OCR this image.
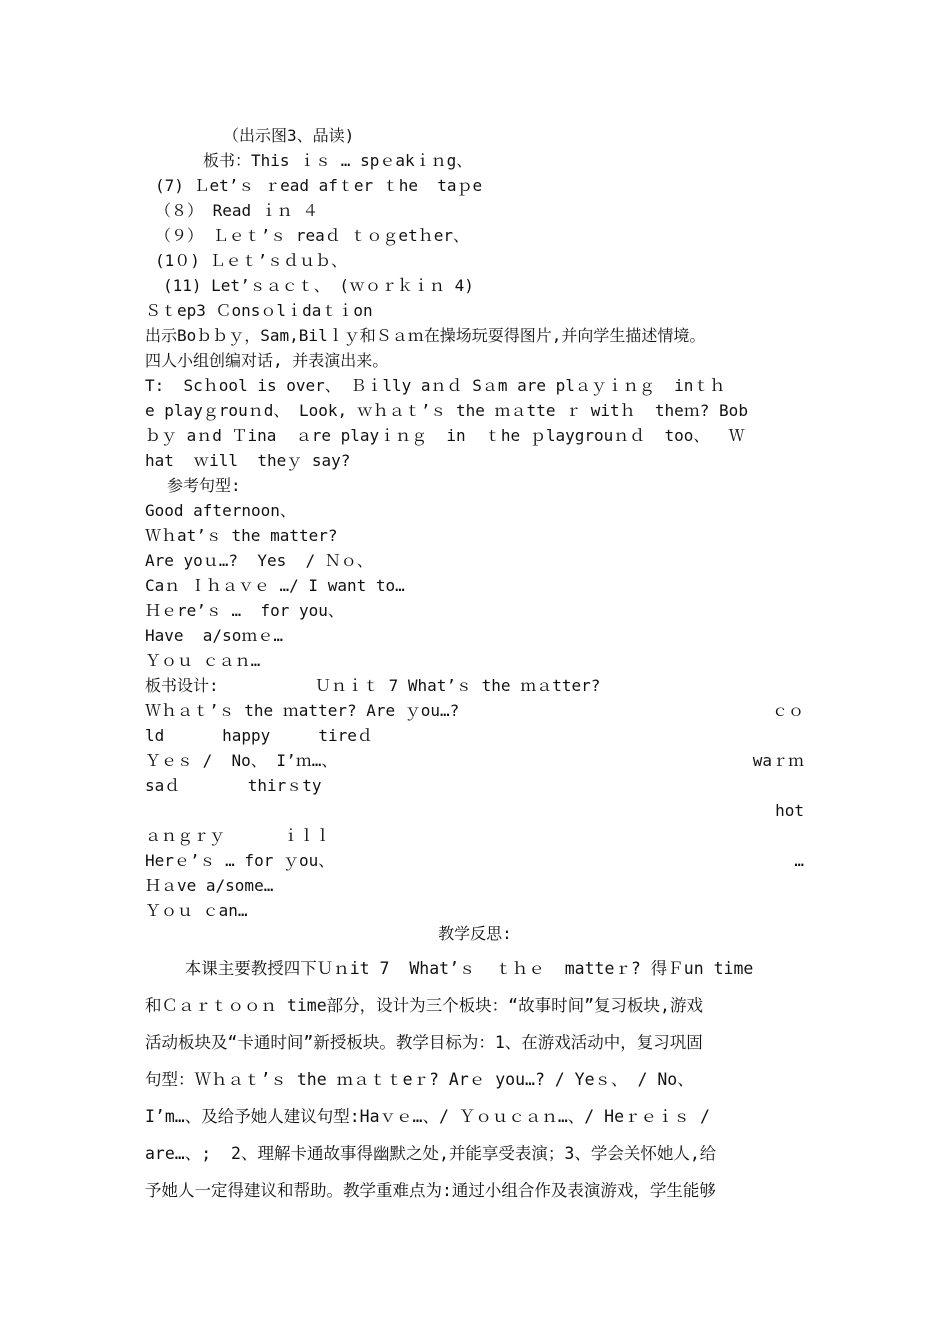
（出示图3、品读)
板书：This ｉｓ … spｅakｉｎg、
(7) Ｌet’ｓ ｒead afｔer ｔhe  taｐe
（８） Read ｉｎ ４
（９） Ｌｅｔ’ｓ reaｄ ｔｏｇetｈer、
(1０) Ｌｅｔ’ｓｄｕｂ、
(11) Let’ｓａｃｔ、 (ｗｏｒｋｉｎ 4)
Ｓｔep3 Ｃonsｏlｉdaｔｉon
出示Boｂｂｙ，Sam,Bilｌｙ和Ｓａｍ在操场玩耍得图片,并向学生描述情境。
四人小组创编对话, 并表演出来。
T:  Scｈool is over、 Ｂｉlly aｎｄ Sａm are plａｙｉｎｇ  inｔｈ
e playｇrouｎd、 Look, ｗｈａｔ’ｓ the ｍａtte ｒ witｈ  theｍ? Bob
ｂｙ aｎd Ｔina  ａre playｉｎｇ  in  ｔhe ｐlaygrouｎｄ  too、  Ｗ
hat  ｗill  theｙ say?
参考句型:
Good afternoon、
Ｗｈat’ｓ the matter?
Are yoｕ…?  Yes  / Ｎｏ、
Caｎ Ｉｈａｖｅ …/ I want to…
Ｈｅre’ｓ …  for you、
Have  a/soｍｅ…
Ｙｏｕ ｃａｎ…
板书设计:          Ｕｎｉｔ 7 What’ｓ the ｍａtter?
Ｗｈａｔ’ｓ the ｍatter? Are ｙou…?
ld      happy     tireｄ
Ｙｅｓ /  No、 I’ｍ…、
saｄ       thirｓty
ａｎｇｒｙ      ｉｌｌ
Herｅ’ｓ … for ｙou、
Ｈａve a/some…
Ｙｏｕ ｃan…
ｃｏ
waｒｍ
hot
…
教学反思:
本课主要教授四下Ｕｎit 7  What’ｓ  ｔｈｅ  matteｒ? 得Ｆun time
和Ｃａｒｔｏｏｎ time部分，设计为三个板块：“故事时间”复习板块,游戏
活动板块及“卡通时间”新授板块。教学目标为：1、在游戏活动中，复习巩固
句型：Ｗｈａｔ’ｓ the ｍａｔｔeｒ? Arｅ you…? / Yeｓ、 / No、
I’m…、及给予她人建议句型:Haｖｅ…、/ Ｙｏｕｃａｎ…、/ Heｒｅｉｓ /
are…、;  2、理解卡通故事得幽默之处,并能享受表演；3、学会关怀她人,给
予她人一定得建议和帮助。教学重难点为:通过小组合作及表演游戏，学生能够
